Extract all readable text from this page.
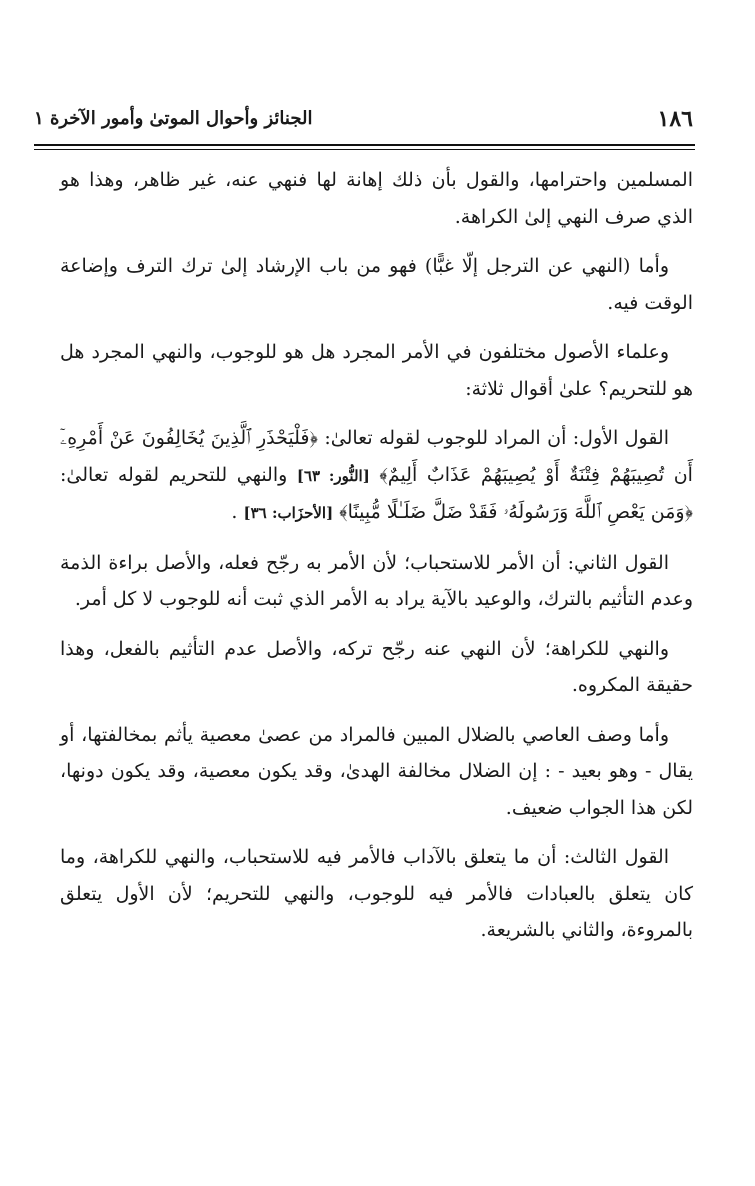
١٨٦
الجنائز وأحوال الموتىٰ وأمور الآخرة ١

المسلمين واحترامها، والقول بأن ذلك إهانة لها فنهي عنه، غير ظاهر، وهذا هو الذي صرف النهي إلىٰ الكراهة.

وأما (النهي عن الترجل إلّا غبًّا) فهو من باب الإرشاد إلىٰ ترك الترف وإضاعة الوقت فيه.

وعلماء الأصول مختلفون في الأمر المجرد هل هو للوجوب، والنهي المجرد هل هو للتحريم؟ علىٰ أقوال ثلاثة:

القول الأول: أن المراد للوجوب لقوله تعالىٰ: ﴿فَلْيَحْذَرِ ٱلَّذِينَ يُخَالِفُونَ عَنْ أَمْرِهِۦٓ أَن تُصِيبَهُمْ فِتْنَةٌ أَوْ يُصِيبَهُمْ عَذَابٌ أَلِيمٌ﴾ [النُّور: ٦٣] والنهي للتحريم لقوله تعالىٰ: ﴿وَمَن يَعْصِ ٱللَّهَ وَرَسُولَهُۥ فَقَدْ ضَلَّ ضَلَـٰلًا مُّبِينًا﴾ [الأحزَاب: ٣٦] .

القول الثاني: أن الأمر للاستحباب؛ لأن الأمر به رجّح فعله، والأصل براءة الذمة وعدم التأثيم بالترك، والوعيد بالآية يراد به الأمر الذي ثبت أنه للوجوب لا كل أمر.

والنهي للكراهة؛ لأن النهي عنه رجّح تركه، والأصل عدم التأثيم بالفعل، وهذا حقيقة المكروه.

وأما وصف العاصي بالضلال المبين فالمراد من عصىٰ معصية يأثم بمخالفتها، أو يقال - وهو بعيد - : إن الضلال مخالفة الهدىٰ، وقد يكون معصية، وقد يكون دونها، لكن هذا الجواب ضعيف.

القول الثالث: أن ما يتعلق بالآداب فالأمر فيه للاستحباب، والنهي للكراهة، وما كان يتعلق بالعبادات فالأمر فيه للوجوب، والنهي للتحريم؛ لأن الأول يتعلق بالمروءة، والثاني بالشريعة.
